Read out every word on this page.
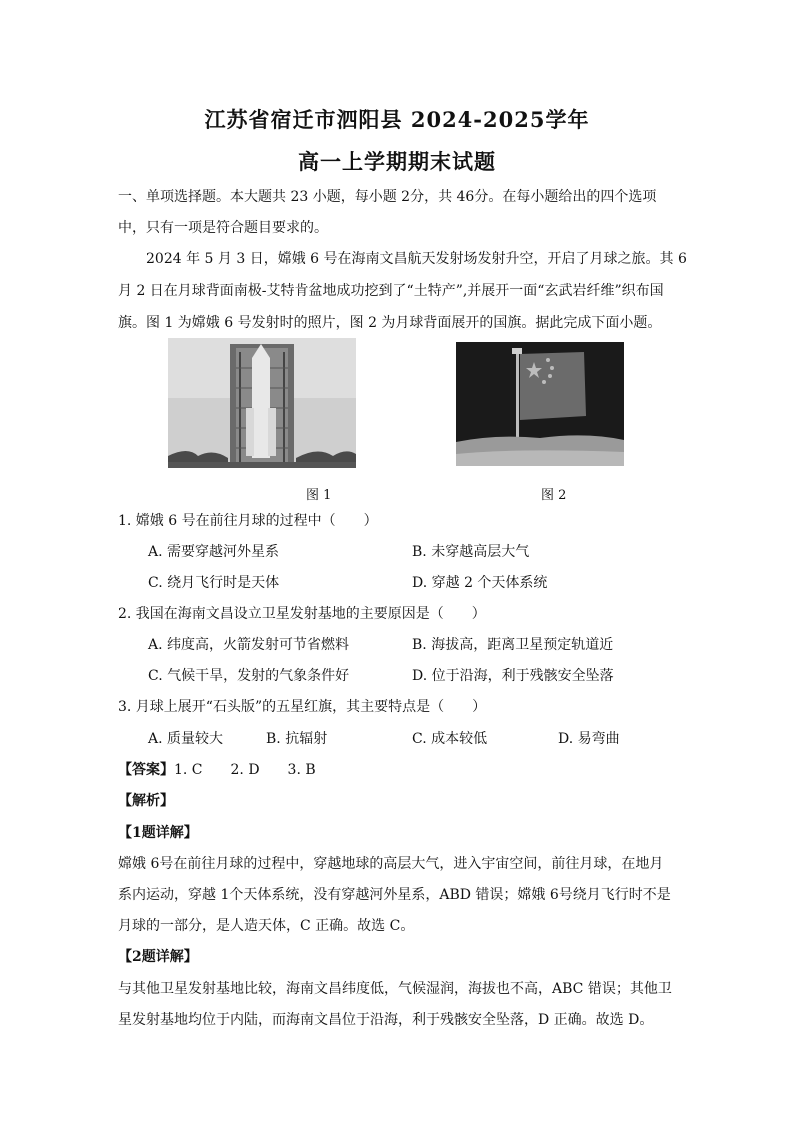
江苏省宿迁市泗阳县 2024-2025学年
高一上学期期末试题
一、单项选择题。本大题共 23 小题，每小题 2分，共 46分。在每小题给出的四个选项
中，只有一项是符合题目要求的。
2024 年 5 月 3 日，嫦娥 6 号在海南文昌航天发射场发射升空，开启了月球之旅。其 6
月 2 日在月球背面南极-艾特肯盆地成功挖到了“土特产”,并展开一面“玄武岩纤维”织布国
旗。图 1 为嫦娥 6 号发射时的照片，图 2 为月球背面展开的国旗。据此完成下面小题。
图 1	图 2
1. 嫦娥 6 号在前往月球的过程中（　　）
A. 需要穿越河外星系	B. 未穿越高层大气
C. 绕月飞行时是天体	D. 穿越 2 个天体系统
2. 我国在海南文昌设立卫星发射基地的主要原因是（　　）
A. 纬度高，火箭发射可节省燃料	B. 海拔高，距离卫星预定轨道近
C. 气候干旱，发射的气象条件好	D. 位于沿海，利于残骸安全坠落
3. 月球上展开“石头版”的五星红旗，其主要特点是（　　）
A. 质量较大	B. 抗辐射	C. 成本较低	D. 易弯曲
【答案】1. C　　2. D　　3. B
【解析】
【1题详解】
嫦娥 6号在前往月球的过程中，穿越地球的高层大气，进入宇宙空间，前往月球，在地月
系内运动，穿越 1个天体系统，没有穿越河外星系，ABD 错误；嫦娥 6号绕月飞行时不是
月球的一部分，是人造天体，C 正确。故选 C。
【2题详解】
与其他卫星发射基地比较，海南文昌纬度低，气候湿润，海拔也不高，ABC 错误；其他卫
星发射基地均位于内陆，而海南文昌位于沿海，利于残骸安全坠落，D 正确。故选 D。
